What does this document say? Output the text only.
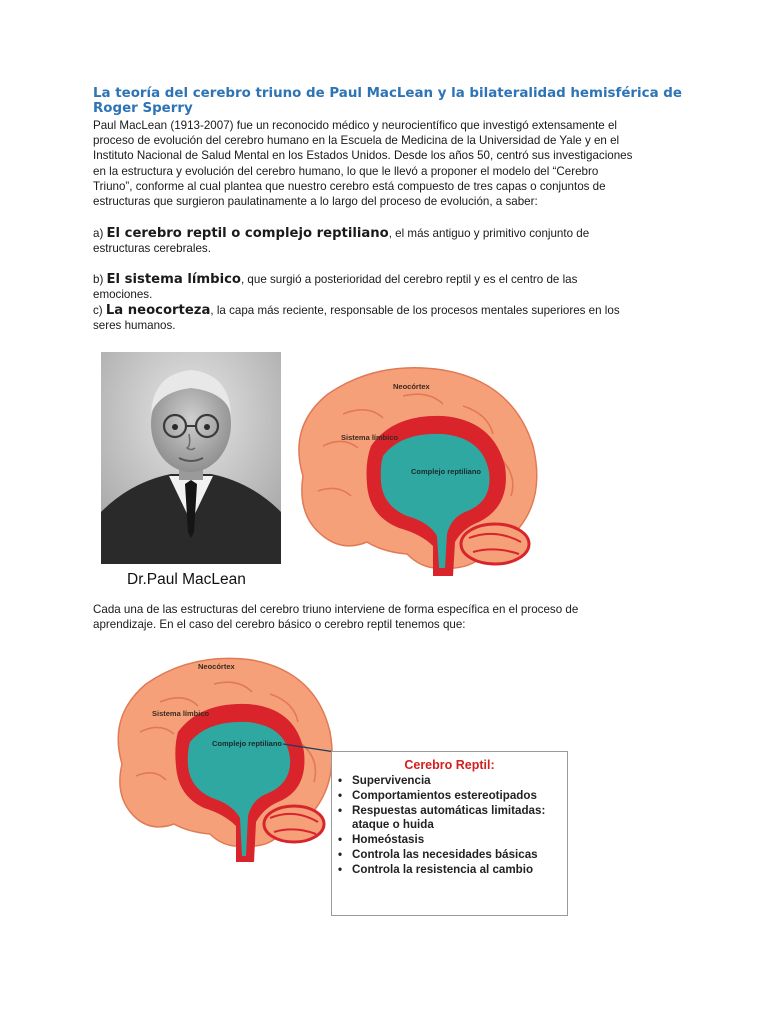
La teoría del cerebro triuno de Paul MacLean y la bilateralidad hemisférica de Roger Sperry

Paul MacLean (1913-2007) fue un reconocido médico y neurocientífico que investigó extensamente el proceso de evolución del cerebro humano en la Escuela de Medicina de la Universidad de Yale y en el Instituto Nacional de Salud Mental en los Estados Unidos. Desde los años 50, centró sus investigaciones en la estructura y evolución del cerebro humano, lo que le llevó a proponer el modelo del “Cerebro Triuno”, conforme al cual plantea que nuestro cerebro está compuesto de tres capas o conjuntos de estructuras que surgieron paulatinamente a lo largo del proceso de evolución, a saber:

a) El cerebro reptil o complejo reptiliano, el más antiguo y primitivo conjunto de estructuras cerebrales.

b) El sistema límbico, que surgió a posterioridad del cerebro reptil y es el centro de las emociones.

c) La neocorteza, la capa más reciente, responsable de los procesos mentales superiores en los seres humanos.

Dr.Paul MacLean
Neocórtex
Sistema límbico
Complejo reptiliano

Cada una de las estructuras del cerebro triuno interviene de forma específica en el proceso de aprendizaje. En el caso del cerebro básico o cerebro reptil tenemos que:

Neocórtex
Sistema límbico
Complejo reptiliano
Cerebro Reptil:
• Supervivencia
• Comportamientos estereotipados
• Respuestas automáticas limitadas: ataque o huida
• Homeóstasis
• Controla las necesidades básicas
• Controla la resistencia al cambio
